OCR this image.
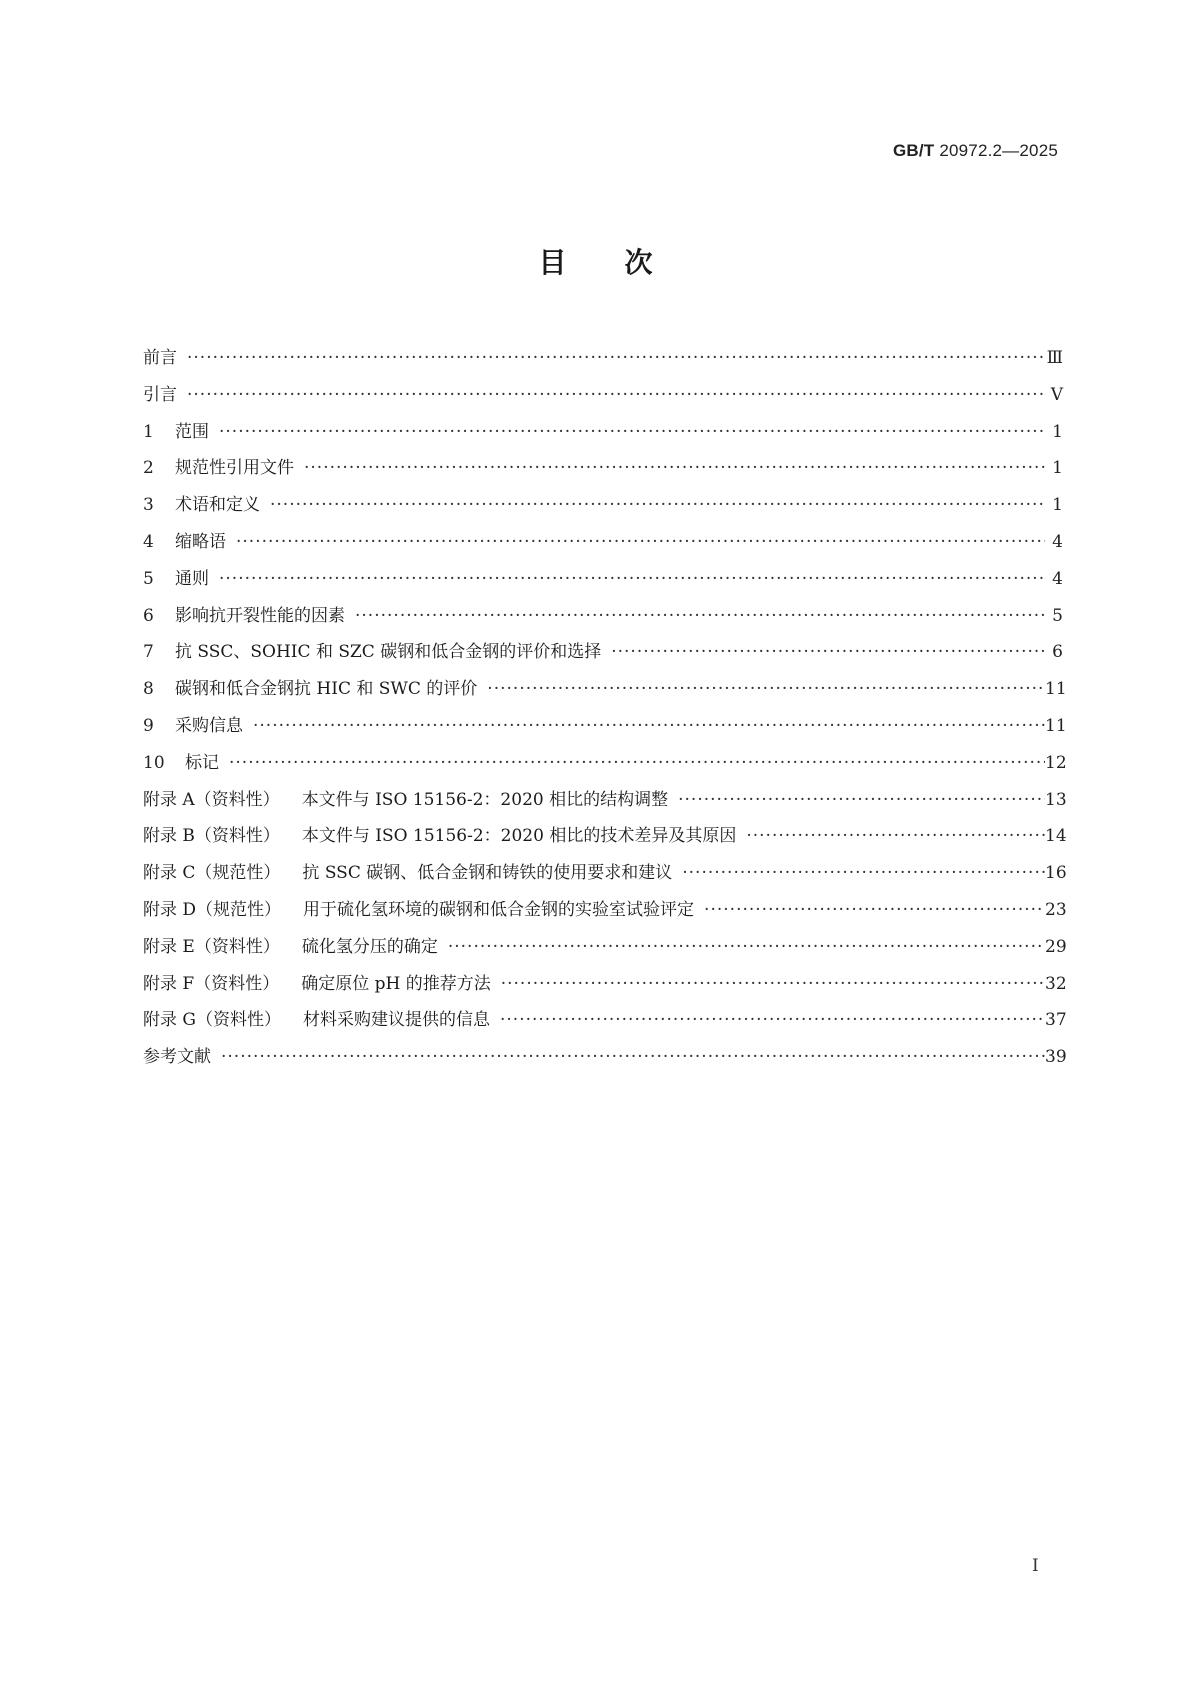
GB/T 20972.2—2025
目 次
前言 ·····	Ⅲ
引言 ·····	Ⅴ
1	范围 ·····	1
2	规范性引用文件 ·····	1
3	术语和定义 ·····	1
4	缩略语 ·····	4
5	通则 ·····	4
6	影响抗开裂性能的因素 ·····	5
7	抗 SSC、SOHIC 和 SZC 碳钢和低合金钢的评价和选择 ·····	6
8	碳钢和低合金钢抗 HIC 和 SWC 的评价 ·····	11
9	采购信息 ·····	11
10	标记 ·····	12
附录 A（资料性） 本文件与 ISO 15156-2：2020 相比的结构调整 ·····	13
附录 B（资料性） 本文件与 ISO 15156-2：2020 相比的技术差异及其原因 ·····	14
附录 C（规范性） 抗 SSC 碳钢、低合金钢和铸铁的使用要求和建议 ·····	16
附录 D（规范性） 用于硫化氢环境的碳钢和低合金钢的实验室试验评定 ·····	23
附录 E（资料性） 硫化氢分压的确定 ·····	29
附录 F（资料性） 确定原位 pH 的推荐方法 ·····	32
附录 G（资料性） 材料采购建议提供的信息 ·····	37
参考文献 ·····	39
Ⅰ
